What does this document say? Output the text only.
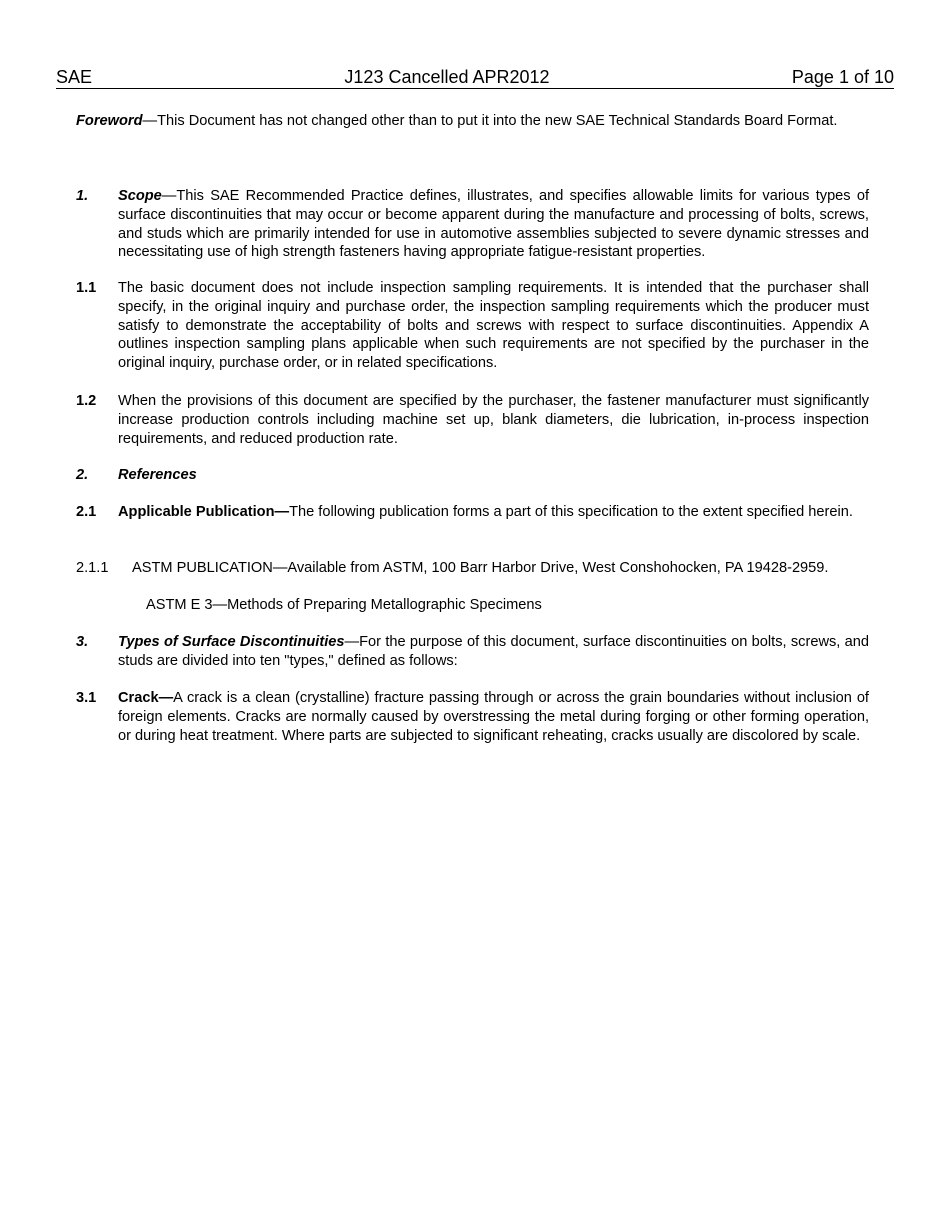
SAE	J123 Cancelled APR2012	Page 1 of 10
Foreword—This Document has not changed other than to put it into the new SAE Technical Standards Board Format.
1. Scope—This SAE Recommended Practice defines, illustrates, and specifies allowable limits for various types of surface discontinuities that may occur or become apparent during the manufacture and processing of bolts, screws, and studs which are primarily intended for use in automotive assemblies subjected to severe dynamic stresses and necessitating use of high strength fasteners having appropriate fatigue-resistant properties.
1.1 The basic document does not include inspection sampling requirements. It is intended that the purchaser shall specify, in the original inquiry and purchase order, the inspection sampling requirements which the producer must satisfy to demonstrate the acceptability of bolts and screws with respect to surface discontinuities. Appendix A outlines inspection sampling plans applicable when such requirements are not specified by the purchaser in the original inquiry, purchase order, or in related specifications.
1.2 When the provisions of this document are specified by the purchaser, the fastener manufacturer must significantly increase production controls including machine set up, blank diameters, die lubrication, in-process inspection requirements, and reduced production rate.
2. References
2.1 Applicable Publication—The following publication forms a part of this specification to the extent specified herein.
2.1.1 ASTM PUBLICATION—Available from ASTM, 100 Barr Harbor Drive, West Conshohocken, PA 19428-2959.
ASTM E 3—Methods of Preparing Metallographic Specimens
3. Types of Surface Discontinuities—For the purpose of this document, surface discontinuities on bolts, screws, and studs are divided into ten "types," defined as follows:
3.1 Crack—A crack is a clean (crystalline) fracture passing through or across the grain boundaries without inclusion of foreign elements. Cracks are normally caused by overstressing the metal during forging or other forming operation, or during heat treatment. Where parts are subjected to significant reheating, cracks usually are discolored by scale.
